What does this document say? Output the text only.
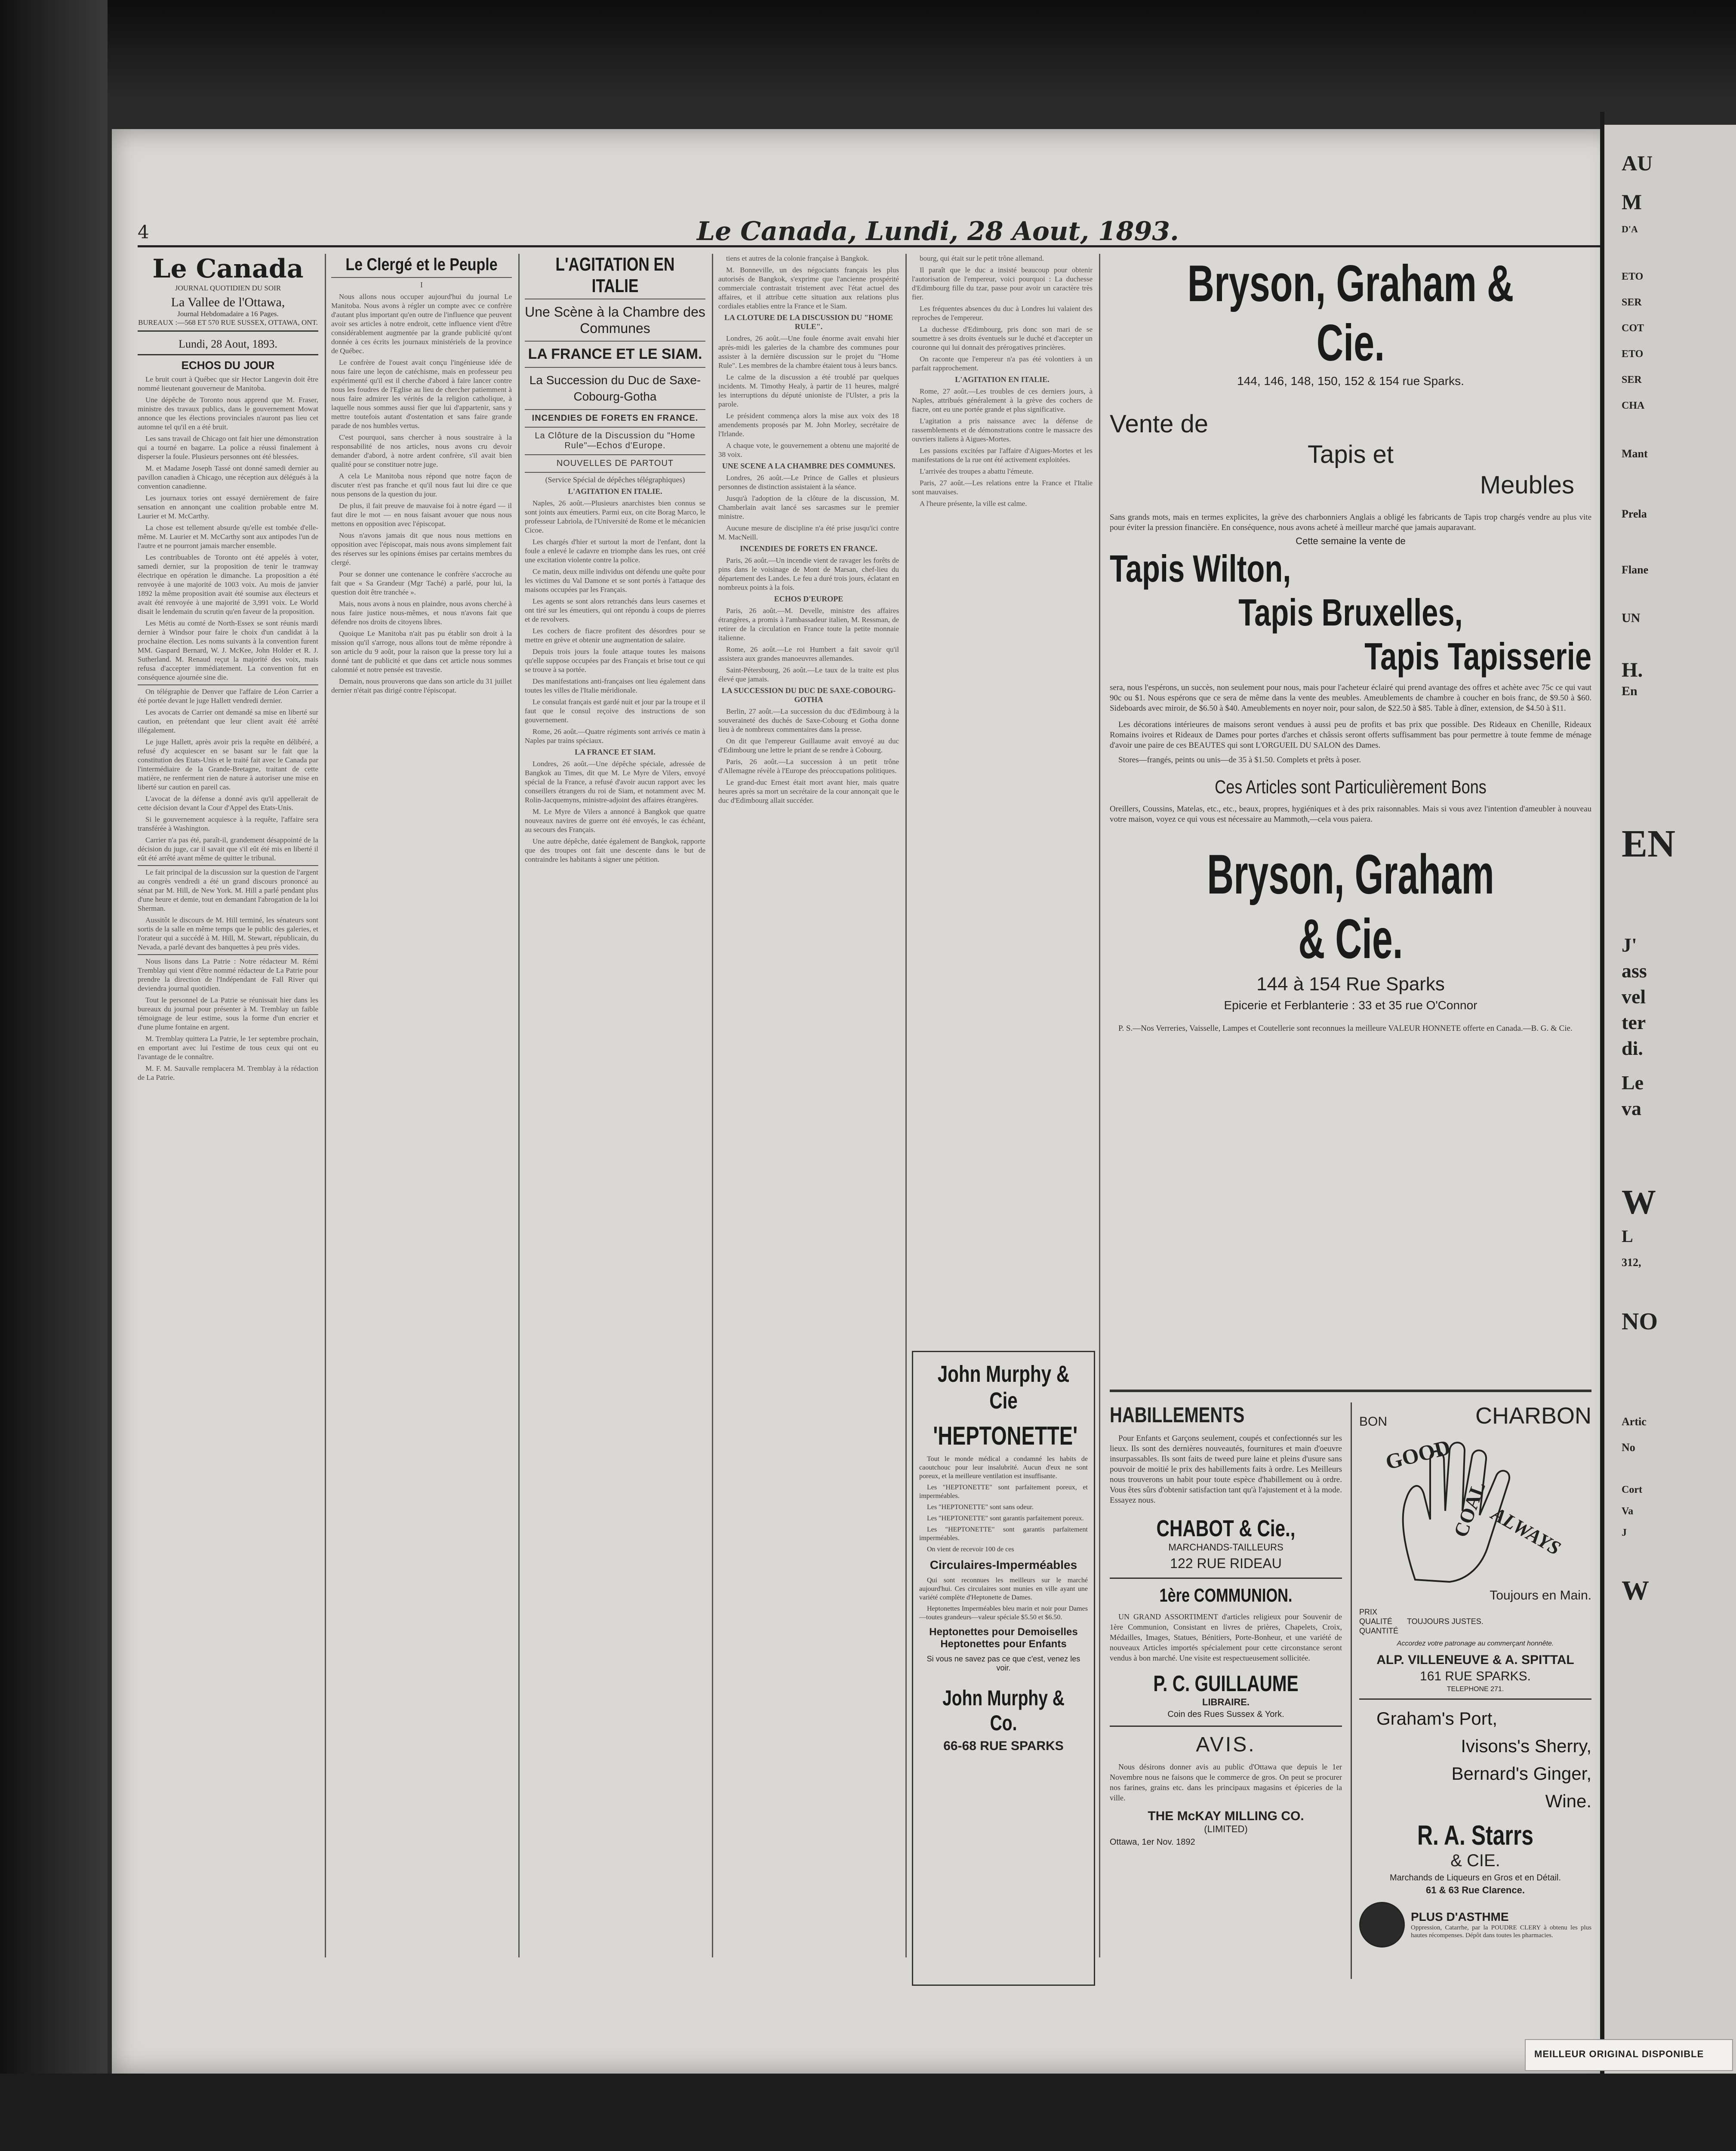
4	Le Canada, Lundi, 28 Aout, 1893.
Le Canada
JOURNAL QUOTIDIEN DU SOIR
La Vallee de l'Ottawa,
Journal Hebdomadaire a 16 Pages.
BUREAUX :—568 ET 570 RUE SUSSEX, OTTAWA, ONT.
Lundi, 28 Aout, 1893.
ECHOS DU JOUR

Le bruit court à Québec que sir Hector Langevin doit être nommé lieutenant gouverneur de Manitoba.

Une dépêche de Toronto nous apprend que M. Fraser, ministre des travaux publics, dans le gouvernement Mowat annonce que les élections provinciales n'auront pas lieu cet automne tel qu'il en a été bruit.

Les sans travail de Chicago ont fait hier une démonstration qui a tourné en bagarre. La police a réussi finalement à disperser la foule. Plusieurs personnes ont été blessées.

M. et Madame Joseph Tassé ont donné samedi dernier au pavillon canadien à Chicago, une réception aux délégués à la convention canadienne.

Les journaux tories ont essayé dernièrement de faire sensation en annonçant une coalition probable entre M. Laurier et M. McCarthy.

La chose est tellement absurde qu'elle est tombée d'elle-même. M. Laurier et M. McCarthy sont aux antipodes l'un de l'autre et ne pourront jamais marcher ensemble.

Les contribuables de Toronto ont été appelés à voter, samedi dernier, sur la proposition de tenir le tramway électrique en opération le dimanche. La proposition a été renvoyée à une majorité de 1003 voix. Au mois de janvier 1892 la même proposition avait été soumise aux électeurs et avait été renvoyée à une majorité de 3,991 voix. Le World disait le lendemain du scrutin qu'en faveur de la proposition.

Les Métis au comté de North-Essex se sont réunis mardi dernier à Windsor pour faire le choix d'un candidat à la prochaine élection. Les noms suivants à la convention furent MM. Gaspard Bernard, W. J. McKee, John Holder et R. J. Sutherland. M. Renaud reçut la majorité des voix, mais refusa d'accepter immédiatement. La convention fut en conséquence ajournée sine die.

On télégraphie de Denver que l'affaire de Léon Carrier a été portée devant le juge Hallett vendredi dernier.

Les avocats de Carrier ont demandé sa mise en liberté sur caution, en prétendant que leur client avait été arrêté illégalement.

Le juge Hallett, après avoir pris la requête en délibéré, a refusé d'y acquiescer en se basant sur le fait que la constitution des Etats-Unis et le traité fait avec le Canada par l'intermédiaire de la Grande-Bretagne, traitant de cette matière, ne renferment rien de nature à autoriser une mise en liberté sur caution en pareil cas.

L'avocat de la défense a donné avis qu'il appellerait de cette décision devant la Cour d'Appel des Etats-Unis.

Si le gouvernement acquiesce à la requête, l'affaire sera transférée à Washington.

Carrier n'a pas été, paraît-il, grandement désappointé de la décision du juge, car il savait que s'il eût été mis en liberté il eût été arrêté avant même de quitter le tribunal.

Le fait principal de la discussion sur la question de l'argent au congrès vendredi a été un grand discours prononcé au sénat par M. Hill, de New York. M. Hill a parlé pendant plus d'une heure et demie, tout en demandant l'abrogation de la loi Sherman.

Aussitôt le discours de M. Hill terminé, les sénateurs sont sortis de la salle en même temps que le public des galeries, et l'orateur qui a succédé à M. Hill, M. Stewart, républicain, du Nevada, a parlé devant des banquettes à peu près vides.

Nous lisons dans La Patrie : Notre rédacteur M. Rémi Tremblay qui vient d'être nommé rédacteur de La Patrie pour prendre la direction de l'Indépendant de Fall River qui deviendra journal quotidien.

Tout le personnel de La Patrie se réunissait hier dans les bureaux du journal pour présenter à M. Tremblay un faible témoignage de leur estime, sous la forme d'un encrier et d'une plume fontaine en argent.

M. Tremblay quittera La Patrie, le 1er septembre prochain, en emportant avec lui l'estime de tous ceux qui ont eu l'avantage de le connaître.

M. F. M. Sauvalle remplacera M. Tremblay à la rédaction de La Patrie.

Le Clergé et le Peuple
I

Nous allons nous occuper aujourd'hui du journal Le Manitoba. Nous avons à régler un compte avec ce confrère d'autant plus important qu'en outre de l'influence que peuvent avoir ses articles à notre endroit, cette influence vient d'être considérablement augmentée par la grande publicité qu'ont donnée à ces écrits les journaux ministériels de la province de Québec.

Le confrère de l'ouest avait conçu l'ingénieuse idée de nous faire une leçon de catéchisme, mais en professeur peu expérimenté qu'il est il cherche d'abord à faire lancer contre nous les foudres de l'Eglise au lieu de chercher patiemment à nous faire admirer les vérités de la religion catholique, à laquelle nous sommes aussi fier que lui d'appartenir, sans y mettre toutefois autant d'ostentation et sans faire grande parade de nos humbles vertus.

C'est pourquoi, sans chercher à nous soustraire à la responsabilité de nos articles, nous avons cru devoir demander d'abord, à notre ardent confrère, s'il avait bien qualité pour se constituer notre juge.

A cela Le Manitoba nous répond que notre façon de discuter n'est pas franche et qu'il nous faut lui dire ce que nous pensons de la question du jour.

De plus, il fait preuve de mauvaise foi à notre égard — il faut dire le mot — en nous faisant avouer que nous nous mettons en opposition avec l'épiscopat.

Nous n'avons jamais dit que nous nous mettions en opposition avec l'épiscopat, mais nous avons simplement fait des réserves sur les opinions émises par certains membres du clergé.

Pour se donner une contenance le confrère s'accroche au fait que « Sa Grandeur (Mgr Taché) a parlé, pour lui, la question doit être tranchée ».

Mais, nous avons à nous en plaindre, nous avons cherché à nous faire justice nous-mêmes, et nous n'avons fait que défendre nos droits de citoyens libres.

Quoique Le Manitoba n'ait pas pu établir son droit à la mission qu'il s'arroge, nous allons tout de même répondre à son article du 9 août, pour la raison que la presse tory lui a donné tant de publicité et que dans cet article nous sommes calomnié et notre pensée est travestie.

Demain, nous prouverons que dans son article du 31 juillet dernier n'était pas dirigé contre l'épiscopat.

L'AGITATION EN ITALIE
Une Scène à la Chambre des Communes
LA FRANCE ET LE SIAM.
La Succession du Duc de Saxe-Cobourg-Gotha
INCENDIES DE FORETS EN FRANCE.
La Clôture de la Discussion du "Home Rule"—Echos d'Europe.
NOUVELLES DE PARTOUT
(Service Spécial de dépêches télégraphiques)
L'AGITATION EN ITALIE.

Naples, 26 août.—Plusieurs anarchistes bien connus se sont joints aux émeutiers. Parmi eux, on cite Borag Marco, le professeur Labriola, de l'Université de Rome et le mécanicien Cicoe.

Les chargés d'hier et surtout la mort de l'enfant, dont la foule a enlevé le cadavre en triomphe dans les rues, ont créé une excitation violente contre la police.

Ce matin, deux mille individus ont défendu une quête pour les victimes du Val Damone et se sont portés à l'attaque des maisons occupées par les Français.

Les agents se sont alors retranchés dans leurs casernes et ont tiré sur les émeutiers, qui ont répondu à coups de pierres et de revolvers.

Les cochers de fiacre profitent des désordres pour se mettre en grève et obtenir une augmentation de salaire.

Depuis trois jours la foule attaque toutes les maisons qu'elle suppose occupées par des Français et brise tout ce qui se trouve à sa portée.

Des manifestations anti-françaises ont lieu également dans toutes les villes de l'Italie méridionale.

Le consulat français est gardé nuit et jour par la troupe et il faut que le consul reçoive des instructions de son gouvernement.

Rome, 26 août.—Quatre régiments sont arrivés ce matin à Naples par trains spéciaux.

LA FRANCE ET SIAM.

Londres, 26 août.—Une dépêche spéciale, adressée de Bangkok au Times, dit que M. Le Myre de Vilers, envoyé spécial de la France, a refusé d'avoir aucun rapport avec les conseillers étrangers du roi de Siam, et notamment avec M. Rolin-Jacquemyns, ministre-adjoint des affaires étrangères.

M. Le Myre de Vilers a annoncé à Bangkok que quatre nouveaux navires de guerre ont été envoyés, le cas échéant, au secours des Français.

Une autre dépêche, datée également de Bangkok, rapporte que des troupes ont fait une descente dans le but de contraindre les habitants à signer une pétition.

tiens et autres de la colonie française à Bangkok.

M. Bonneville, un des négociants français les plus autorisés de Bangkok, s'exprime que l'ancienne prospérité commerciale contrastait tristement avec l'état actuel des affaires, et il attribue cette situation aux relations plus cordiales etablies entre la France et le Siam.

LA CLOTURE DE LA DISCUSSION DU "HOME RULE".

Londres, 26 août.—Une foule énorme avait envahi hier après-midi les galeries de la chambre des communes pour assister à la dernière discussion sur le projet du "Home Rule". Les membres de la chambre étaient tous à leurs bancs.

Le calme de la discussion a été troublé par quelques incidents. M. Timothy Healy, à partir de 11 heures, malgré les interruptions du député unioniste de l'Ulster, a pris la parole.

Le président commença alors la mise aux voix des 18 amendements proposés par M. John Morley, secrétaire de l'Irlande.

A chaque vote, le gouvernement a obtenu une majorité de 38 voix.

UNE SCENE A LA CHAMBRE DES COMMUNES.

Londres, 26 août.—Le Prince de Galles et plusieurs personnes de distinction assistaient à la séance.

Jusqu'à l'adoption de la clôture de la discussion, M. Chamberlain avait lancé ses sarcasmes sur le premier ministre.

Aucune mesure de discipline n'a été prise jusqu'ici contre M. MacNeill.

INCENDIES DE FORETS EN FRANCE.

Paris, 26 août.—Un incendie vient de ravager les forêts de pins dans le voisinage de Mont de Marsan, chef-lieu du département des Landes. Le feu a duré trois jours, éclatant en nombreux points à la fois.

ECHOS D'EUROPE

Paris, 26 août.—M. Develle, ministre des affaires étrangères, a promis à l'ambassadeur italien, M. Ressman, de retirer de la circulation en France toute la petite monnaie italienne.

Rome, 26 août.—Le roi Humbert a fait savoir qu'il assistera aux grandes manoeuvres allemandes.

Saint-Pétersbourg, 26 août.—Le taux de la traite est plus élevé que jamais.

LA SUCCESSION DU DUC DE SAXE-COBOURG-GOTHA

Berlin, 27 août.—La succession du duc d'Edimbourg à la souveraineté des duchés de Saxe-Cobourg et Gotha donne lieu à de nombreux commentaires dans la presse.

On dit que l'empereur Guillaume avait envoyé au duc d'Edimbourg une lettre le priant de se rendre à Cobourg.

Paris, 26 août.—La succession à un petit trône d'Allemagne révèle à l'Europe des préoccupations politiques.

Le grand-duc Ernest était mort avant hier, mais quatre heures après sa mort un secrétaire de la cour annonçait que le duc d'Edimbourg allait succéder.

bourg, qui était sur le petit trône allemand.

Il paraît que le duc a insisté beaucoup pour obtenir l'autorisation de l'empereur, voici pourquoi : La duchesse d'Edimbourg fille du tzar, passe pour avoir un caractère très fier.

Les fréquentes absences du duc à Londres lui valaient des reproches de l'empereur.

La duchesse d'Edimbourg, pris donc son mari de se soumettre à ses droits éventuels sur le duché et d'accepter un couronne qui lui donnait des prérogatives princières.

On raconte que l'empereur n'a pas été volontiers à un parfait rapprochement.

L'AGITATION EN ITALIE.

Rome, 27 août.—Les troubles de ces derniers jours, à Naples, attribués généralement à la grève des cochers de fiacre, ont eu une portée grande et plus significative.

L'agitation a pris naissance avec la défense de rassemblements et de démonstrations contre le massacre des ouvriers italiens à Aigues-Mortes.

Les passions excitées par l'affaire d'Aigues-Mortes et les manifestations de la rue ont été activement exploitées.

L'arrivée des troupes a abattu l'émeute.

Paris, 27 août.—Les relations entre la France et l'Italie sont mauvaises.

A l'heure présente, la ville est calme.

John Murphy & Cie
'HEPTONETTE'

Tout le monde médical a condamné les habits de caoutchouc pour leur insalubrité. Aucun d'eux ne sont poreux, et la meilleure ventilation est insuffisante.

Les "HEPTONETTE" sont parfaitement poreux, et imperméables.

Les "HEPTONETTE" sont sans odeur.

Les "HEPTONETTE" sont garantis parfaitement poreux.

Les "HEPTONETTE" sont garantis parfaitement imperméables.

On vient de recevoir 100 de ces

Circulaires-Imperméables

Qui sont reconnues les meilleurs sur le marché aujourd'hui. Ces circulaires sont munies en ville ayant une variété complète d'Heptonette de Dames.

Heptonettes Imperméables bleu marin et noir pour Dames—toutes grandeurs—valeur spéciale $5.50 et $6.50.

Heptonettes pour Demoiselles Heptonettes pour Enfants
Si vous ne savez pas ce que c'est, venez les voir.
John Murphy & Co.
66-68 RUE SPARKS
Bryson, Graham & Cie.
144, 146, 148, 150, 152 & 154 rue Sparks.
Vente de
Tapis et
Meubles
Sans grands mots, mais en termes explicites, la grève des charbonniers Anglais a obligé les fabricants de Tapis trop chargés vendre au plus vite pour éviter la pression financière. En conséquence, nous avons acheté à meilleur marché que jamais auparavant.
Cette semaine la vente de
Tapis Wilton,
Tapis Bruxelles,
Tapis Tapisserie
sera, nous l'espérons, un succès, non seulement pour nous, mais pour l'acheteur éclairé qui prend avantage des offres et achète avec 75c ce qui vaut 90c ou $1. Nous espérons que ce sera de même dans la vente des meubles. Ameublements de chambre à coucher en bois franc, de $9.50 à $60. Sideboards avec miroir, de $6.50 à $40. Ameublements en noyer noir, pour salon, de $22.50 à $85. Table à dîner, extension, de $4.50 à $11.
Les décorations intérieures de maisons seront vendues à aussi peu de profits et bas prix que possible. Des Rideaux en Chenille, Rideaux Romains ivoires et Rideaux de Dames pour portes d'arches et châssis seront offerts suffisamment bas pour permettre à toute femme de ménage d'avoir une paire de ces BEAUTES qui sont L'ORGUEIL DU SALON des Dames.
Stores—frangés, peints ou unis—de 35 à $1.50. Complets et prêts à poser.
Ces Articles sont Particulièrement Bons
Oreillers, Coussins, Matelas, etc., etc., beaux, propres, hygiéniques et à des prix raisonnables. Mais si vous avez l'intention d'ameubler à nouveau votre maison, voyez ce qui vous est nécessaire au Mammoth,—cela vous paiera.
Bryson, Graham & Cie.
144 à 154 Rue Sparks
Epicerie et Ferblanterie : 33 et 35 rue O'Connor
P. S.—Nos Verreries, Vaisselle, Lampes et Coutellerie sont reconnues la meilleure VALEUR HONNETE offerte en Canada.—B. G. & Cie.
HABILLEMENTS
Pour Enfants et Garçons seulement, coupés et confectionnés sur les lieux. Ils sont des dernières nouveautés, fournitures et main d'oeuvre insurpassables. Ils sont faits de tweed pure laine et pleins d'usure sans pouvoir de moitié le prix des habillements faits à ordre. Les Meilleurs nous trouverons un habit pour toute espèce d'habillement ou à ordre. Vous êtes sûrs d'obtenir satisfaction tant qu'à l'ajustement et à la mode. Essayez nous.
CHABOT & Cie.,
MARCHANDS-TAILLEURS
122 RUE RIDEAU
1ère COMMUNION.
UN GRAND ASSORTIMENT d'articles religieux pour Souvenir de 1ère Communion, Consistant en livres de prières, Chapelets, Croix, Médailles, Images, Statues, Bénitiers, Porte-Bonheur, et une variété de nouveaux Articles importés spécialement pour cette circonstance seront vendus à bon marché. Une visite est respectueusement sollicitée.
P. C. GUILLAUME
LIBRAIRE.
Coin des Rues Sussex & York.
AVIS.
Nous désirons donner avis au public d'Ottawa que depuis le 1er Novembre nous ne faisons que le commerce de gros. On peut se procurer nos farines, grains etc. dans les principaux magasins et épiceries de la ville.
THE McKAY MILLING CO.
(LIMITED)
Ottawa, 1er Nov. 1892
BON	CHARBON
GOOD
COAL
ALWAYS
Toujours en Main.
PRIX
QUALITÉ
QUANTITÉ
TOUJOURS JUSTES.
Accordez votre patronage au commerçant honnête.
ALP. VILLENEUVE & A. SPITTAL
161 RUE SPARKS.
TELEPHONE 271.
Graham's Port,
Ivisons's Sherry,
Bernard's Ginger,
Wine.
R. A. Starrs
& CIE.
Marchands de Liqueurs en Gros et en Détail.
61 & 63 Rue Clarence.
PLUS D'ASTHME
Oppression, Catarrhe, par la POUDRE CLERY à obtenu les plus hautes récompenses. Dépôt dans toutes les pharmacies.
AU
M
D'A
ETO
SER
COT
ETO
SER
CHA
Mant
Prela
Flane
UN
H.
En
EN
J'
ass
vel
ter
di.
Le
va
W
L
312,
NO
Artic
No
Cort
Va
J
W
MEILLEUR ORIGINAL DISPONIBLE
